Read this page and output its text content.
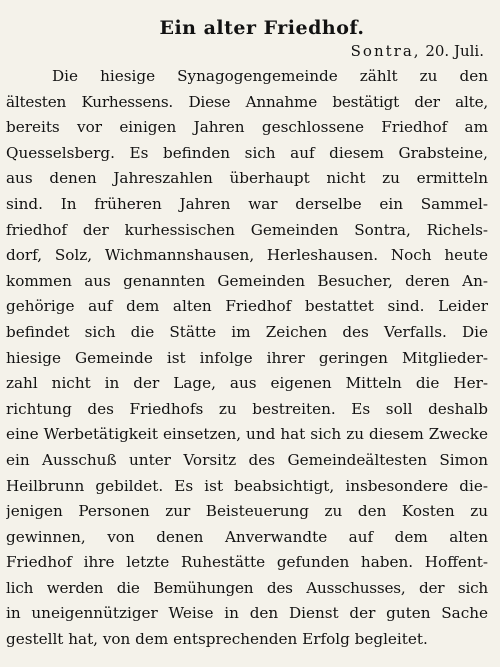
Ein alter Friedhof.
Sontra, 20. Juli.
Die hiesige Synagogengemeinde zählt zu den
ältesten Kurhessens. Diese Annahme bestätigt der alte,
bereits vor einigen Jahren geschlossene Friedhof am
Quesselsberg. Es befinden sich auf diesem Grabsteine,
aus denen Jahreszahlen überhaupt nicht zu ermitteln
sind. In früheren Jahren war derselbe ein Sammel-
friedhof der kurhessischen Gemeinden Sontra, Richels-
dorf, Solz, Wichmannshausen, Herleshausen. Noch heute
kommen aus genannten Gemeinden Besucher, deren An-
gehörige auf dem alten Friedhof bestattet sind. Leider
befindet sich die Stätte im Zeichen des Verfalls. Die
hiesige Gemeinde ist infolge ihrer geringen Mitglieder-
zahl nicht in der Lage, aus eigenen Mitteln die Her-
richtung des Friedhofs zu bestreiten. Es soll deshalb
eine Werbetätigkeit einsetzen, und hat sich zu diesem Zwecke
ein Ausschuß unter Vorsitz des Gemeindeältesten Simon
Heilbrunn gebildet. Es ist beabsichtigt, insbesondere die-
jenigen Personen zur Beisteuerung zu den Kosten zu
gewinnen, von denen Anverwandte auf dem alten
Friedhof ihre letzte Ruhestätte gefunden haben. Hoffent-
lich werden die Bemühungen des Ausschusses, der sich
in uneigennütziger Weise in den Dienst der guten Sache
gestellt hat, von dem entsprechenden Erfolg begleitet.
